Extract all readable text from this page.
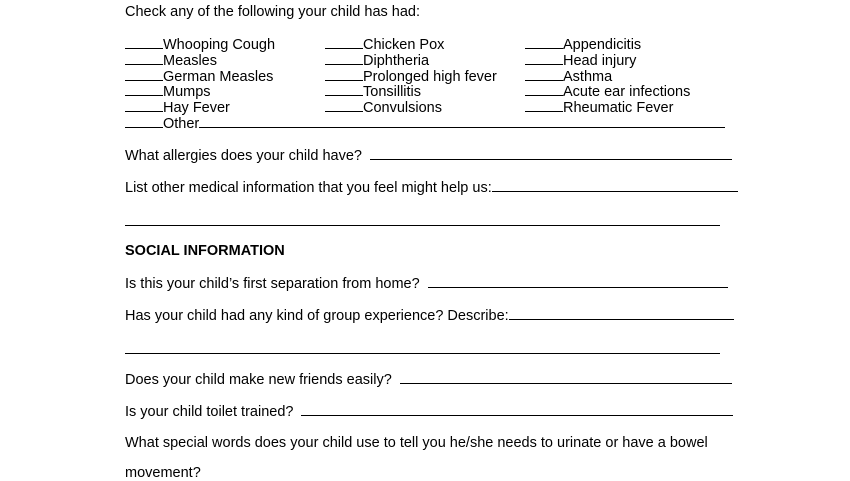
Check any of the following your child has had:
Whooping Cough
Measles
German Measles
Mumps
Hay Fever
Other
Chicken Pox
Diphtheria
Prolonged high fever
Tonsillitis
Convulsions
Appendicitis
Head injury
Asthma
Acute ear infections
Rheumatic Fever
What allergies does your child have?
List other medical information that you feel might help us:
SOCIAL INFORMATION
Is this your child’s first separation from home?
Has your child had any kind of group experience? Describe:
Does your child make new friends easily?
Is your child toilet trained?
What special words does your child use to tell you he/she needs to urinate or have a bowel
movement?
